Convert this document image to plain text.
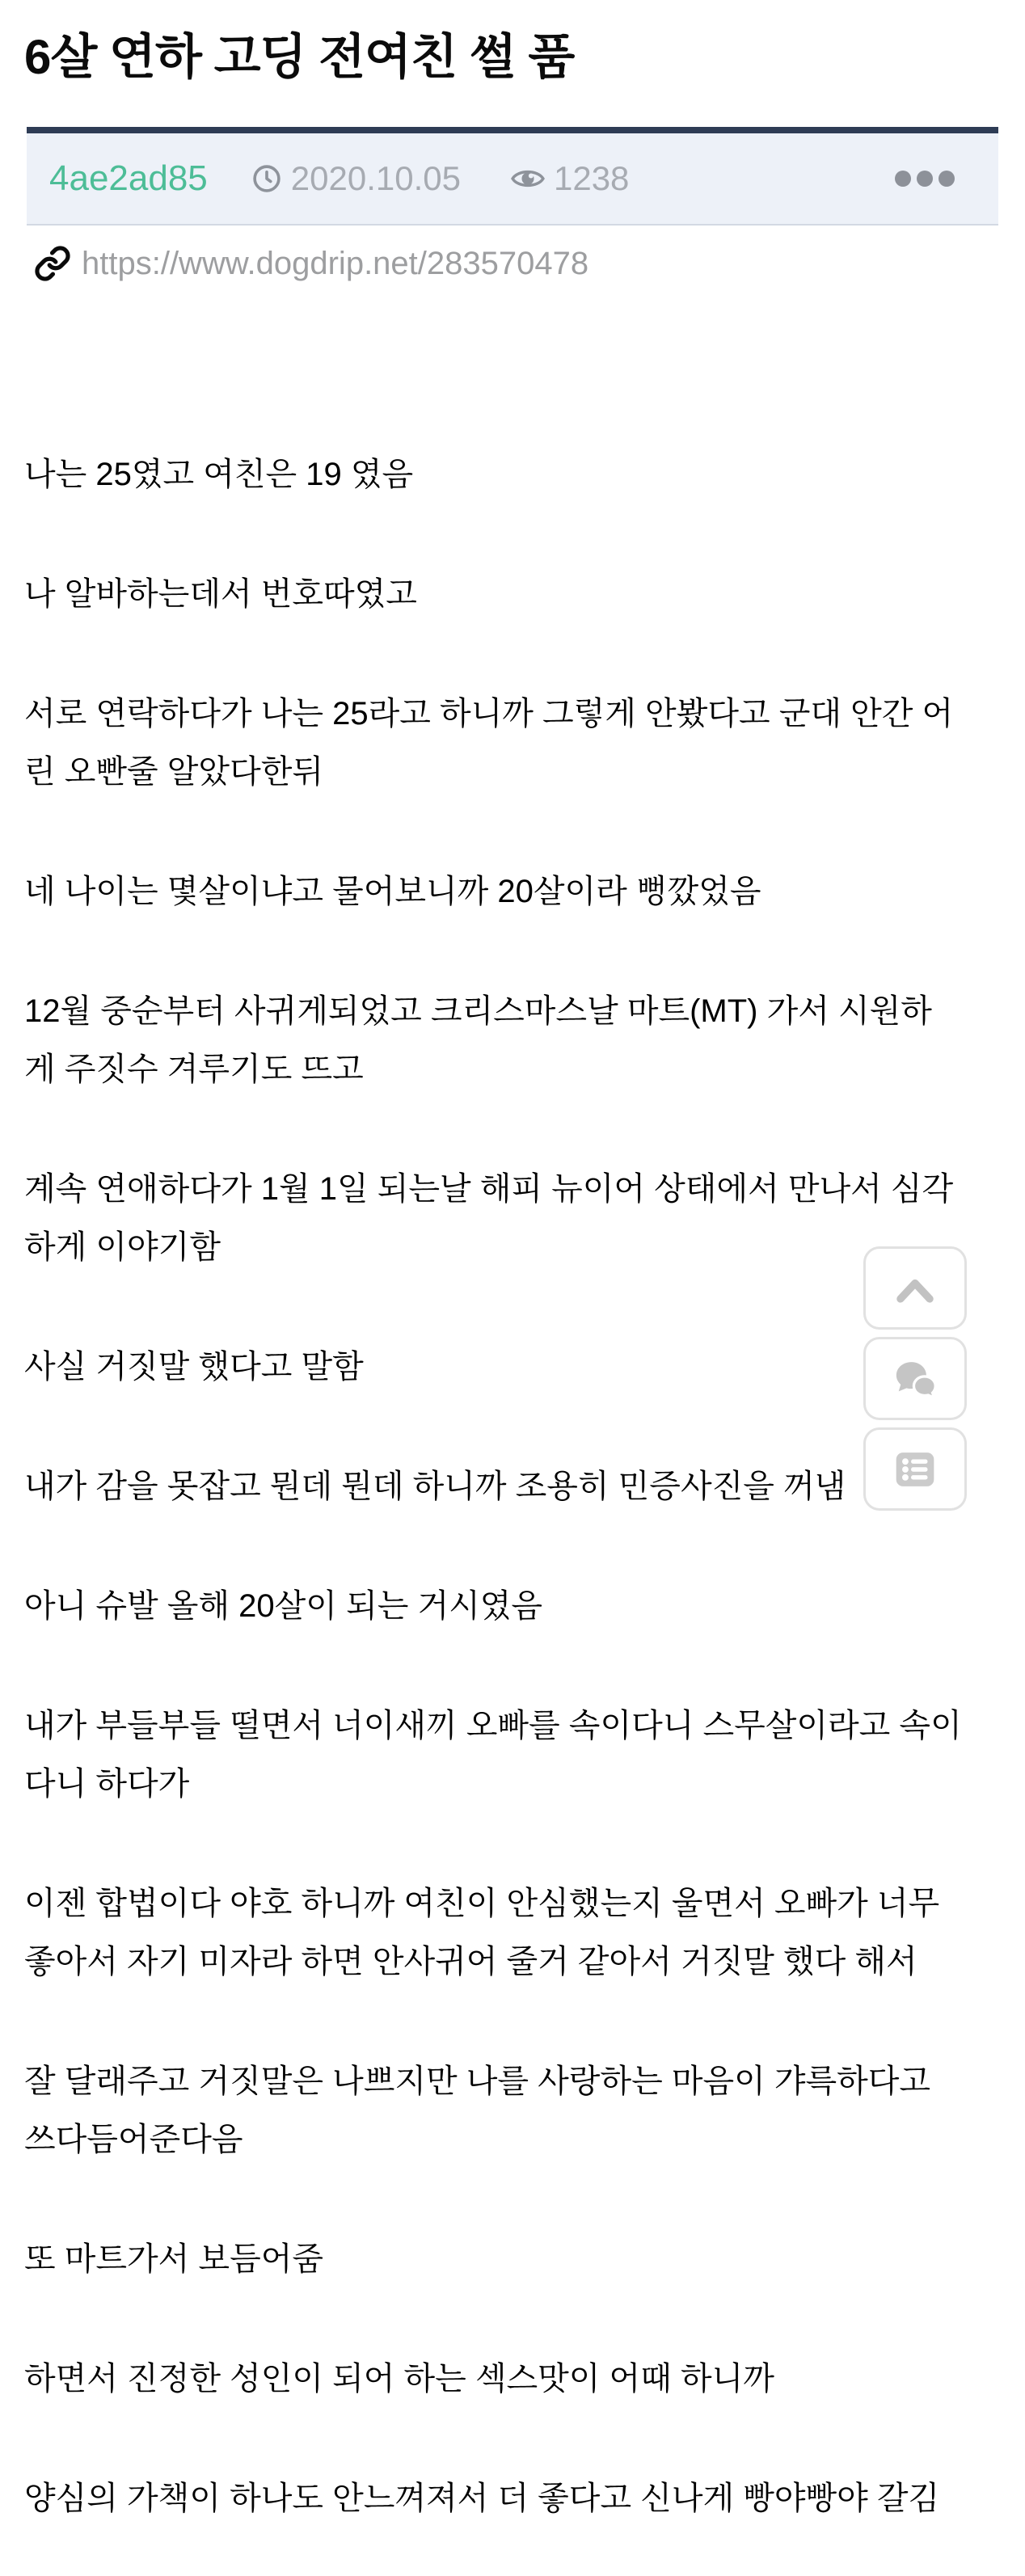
6살 연하 고딩 전여친 썰 품
4ae2ad85 2020.10.05	1238
https://www.dogdrip.net/283570478

나는 25였고 여친은 19 였음

나 알바하는데서 번호따였고

서로 연락하다가 나는 25라고 하니까 그렇게 안봤다고 군대 안간 어
린 오빤줄 알았다한뒤

네 나이는 몇살이냐고 물어보니까 20살이라 뻥깠었음

12월 중순부터 사귀게되었고 크리스마스날 마트(MT) 가서 시원하
게 주짓수 겨루기도 뜨고

계속 연애하다가 1월 1일 되는날 해피 뉴이어 상태에서 만나서 심각
하게 이야기함

사실 거짓말 했다고 말함

내가 감을 못잡고 뭔데 뭔데 하니까 조용히 민증사진을 꺼냄

아니 슈발 올해 20살이 되는 거시였음

내가 부들부들 떨면서 너이새끼 오빠를 속이다니 스무살이라고 속이
다니 하다가

이젠 합법이다 야호 하니까 여친이 안심했는지 울면서 오빠가 너무
좋아서 자기 미자라 하면 안사귀어 줄거 같아서 거짓말 했다 해서

잘 달래주고 거짓말은 나쁘지만 나를 사랑하는 마음이 갸륵하다고
쓰다듬어준다음

또 마트가서 보듬어줌

하면서 진정한 성인이 되어 하는 섹스맛이 어때 하니까

양심의 가책이 하나도 안느껴져서 더 좋다고 신나게 빵야빵야 갈김
